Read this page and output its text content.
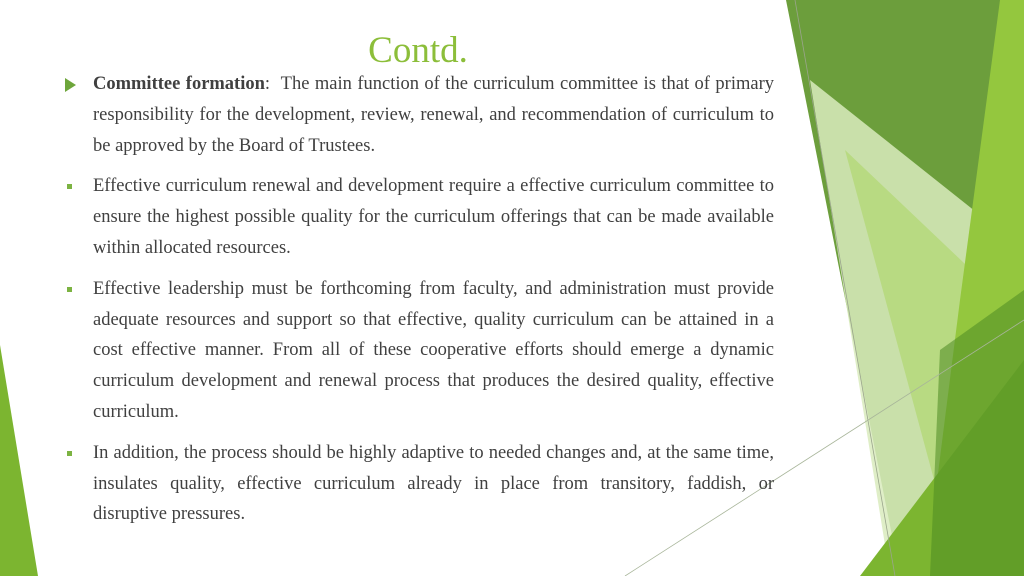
Contd.
Committee formation:  The main function of the curriculum committee is that of primary responsibility for the development, review, renewal, and recommendation of curriculum to be approved by the Board of Trustees.
Effective curriculum renewal and development require a effective curriculum committee to  ensure the highest possible quality for the curriculum offerings that can be made available within allocated resources.
Effective leadership must be forthcoming from faculty, and administration must provide adequate resources and support so that effective, quality curriculum can be attained in a cost effective manner. From all of these cooperative efforts should emerge a dynamic curriculum development and renewal process that produces the desired quality, effective curriculum.
In addition, the process should be highly adaptive to needed changes and, at the same time, insulates quality, effective curriculum already in place from transitory, faddish, or disruptive pressures.
